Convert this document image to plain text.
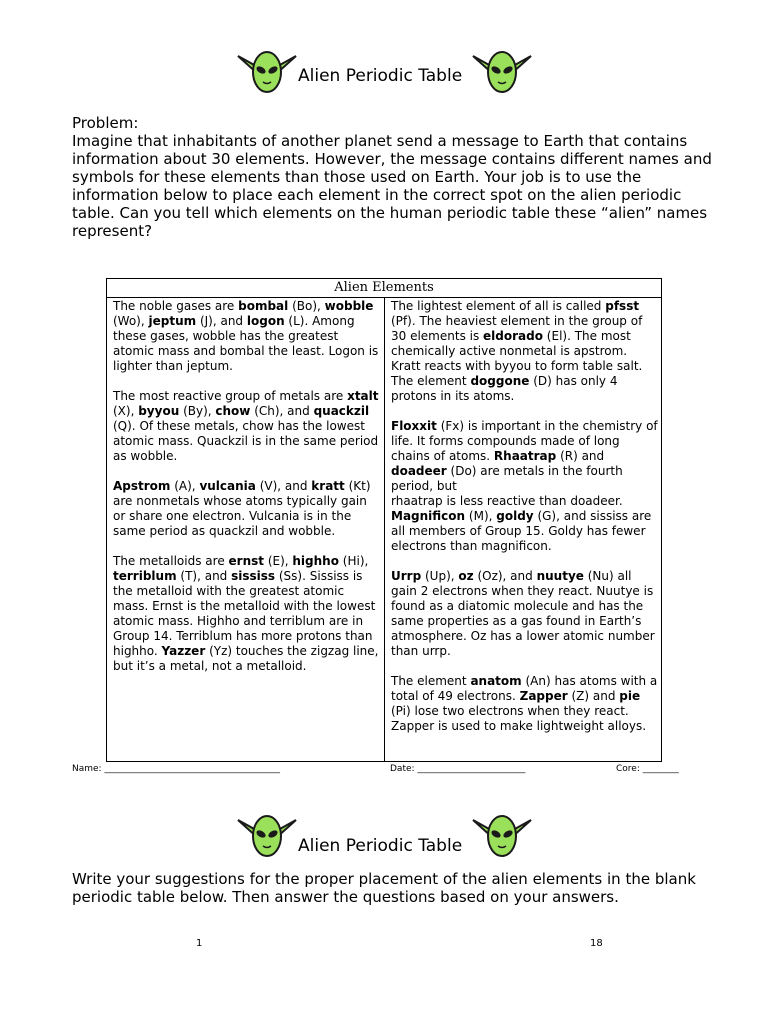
Alien Periodic Table

Problem:

Imagine that inhabitants of another planet send a message to Earth that contains information about 30 elements. However, the message contains different names and symbols for these elements than those used on Earth. Your job is to use the information below to place each element in the correct spot on the alien periodic table. Can you tell which elements on the human periodic table these “alien” names represent?

Alien Elements

The noble gases are bombal (Bo), wobble (Wo), jeptum (J), and logon (L). Among these gases, wobble has the greatest atomic mass and bombal the least. Logon is lighter than jeptum.

The most reactive group of metals are xtalt (X), byyou (By), chow (Ch), and quackzil (Q). Of these metals, chow has the lowest atomic mass. Quackzil is in the same period as wobble.

Apstrom (A), vulcania (V), and kratt (Kt)
are nonmetals whose atoms typically gain or share one electron. Vulcania is in the same period as quackzil and wobble.

The metalloids are ernst (E), highho (Hi), terriblum (T), and sississ (Ss). Sississ is the metalloid with the greatest atomic mass. Ernst is the metalloid with the lowest atomic mass. Highho and terriblum are in Group 14. Terriblum has more protons than highho. Yazzer (Yz) touches the zigzag line, but it’s a metal, not a metalloid.

The lightest element of all is called pfsst (Pf). The heaviest element in the group of 30 elements is eldorado (El). The most chemically active nonmetal is apstrom. Kratt reacts with byyou to form table salt. The element doggone (D) has only 4 protons in its atoms.

Floxxit (Fx) is important in the chemistry of life. It forms compounds made of long chains of atoms. Rhaatrap (R) and doadeer (Do) are metals in the fourth period, but
rhaatrap is less reactive than doadeer. Magnificon (M), goldy (G), and sississ are all members of Group 15. Goldy has fewer electrons than magnificon.

Urrp (Up), oz (Oz), and nuutye (Nu) all gain 2 electrons when they react. Nuutye is found as a diatomic molecule and has the same properties as a gas found in Earth’s atmosphere. Oz has a lower atomic number than urrp.

The element anatom (An) has atoms with a total of 49 electrons. Zapper (Z) and pie (Pi) lose two electrons when they react. Zapper is used to make lightweight alloys.

Name: _______________________________________	Date: ________________________	Core: ________
Alien Periodic Table

Write your suggestions for the proper placement of the alien elements in the blank periodic table below. Then answer the questions based on your answers.

1	18
